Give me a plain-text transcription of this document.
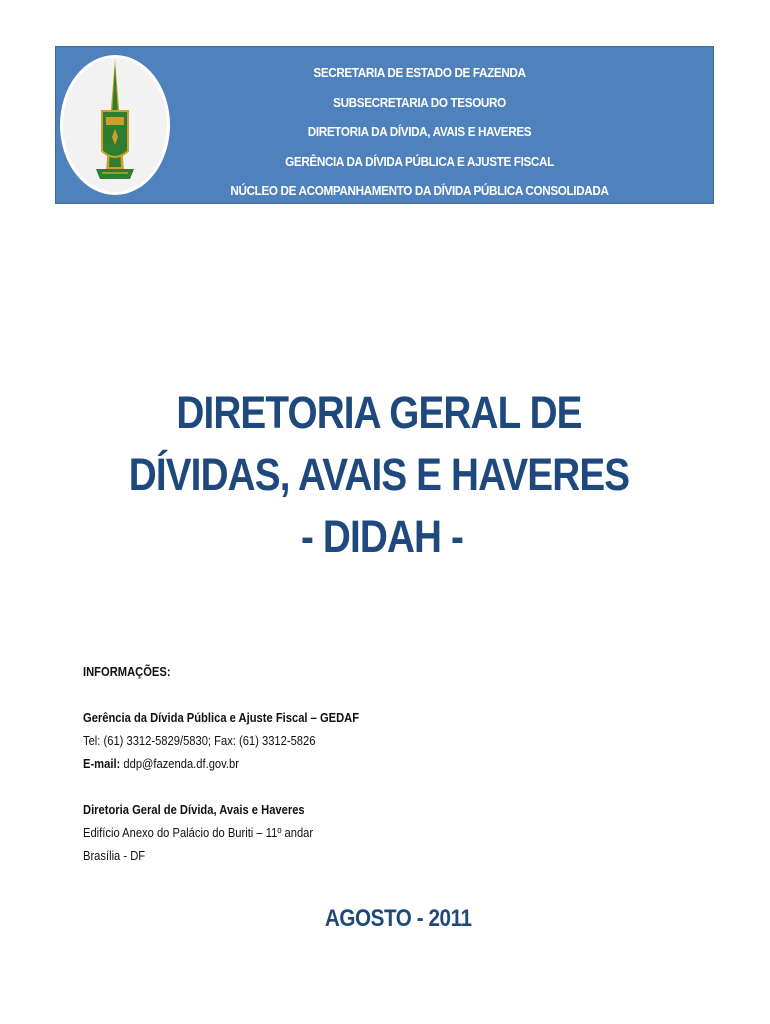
SECRETARIA DE ESTADO DE FAZENDA
SUBSECRETARIA DO TESOURO
DIRETORIA DA DÍVIDA, AVAIS E HAVERES
GERÊNCIA DA DÍVIDA PÚBLICA E AJUSTE FISCAL
NÚCLEO DE ACOMPANHAMENTO DA DÍVIDA PÚBLICA CONSOLIDADA
DIRETORIA GERAL DE
DÍVIDAS, AVAIS E HAVERES
- DIDAH -
INFORMAÇÕES:
Gerência da Dívida Pública e Ajuste Fiscal – GEDAF
Tel: (61) 3312-5829/5830; Fax: (61) 3312-5826
E-mail: ddp@fazenda.df.gov.br
Diretoria Geral de Dívida, Avais e Haveres
Edifício Anexo do Palácio do Buriti – 11º andar
Brasília - DF
AGOSTO - 2011
